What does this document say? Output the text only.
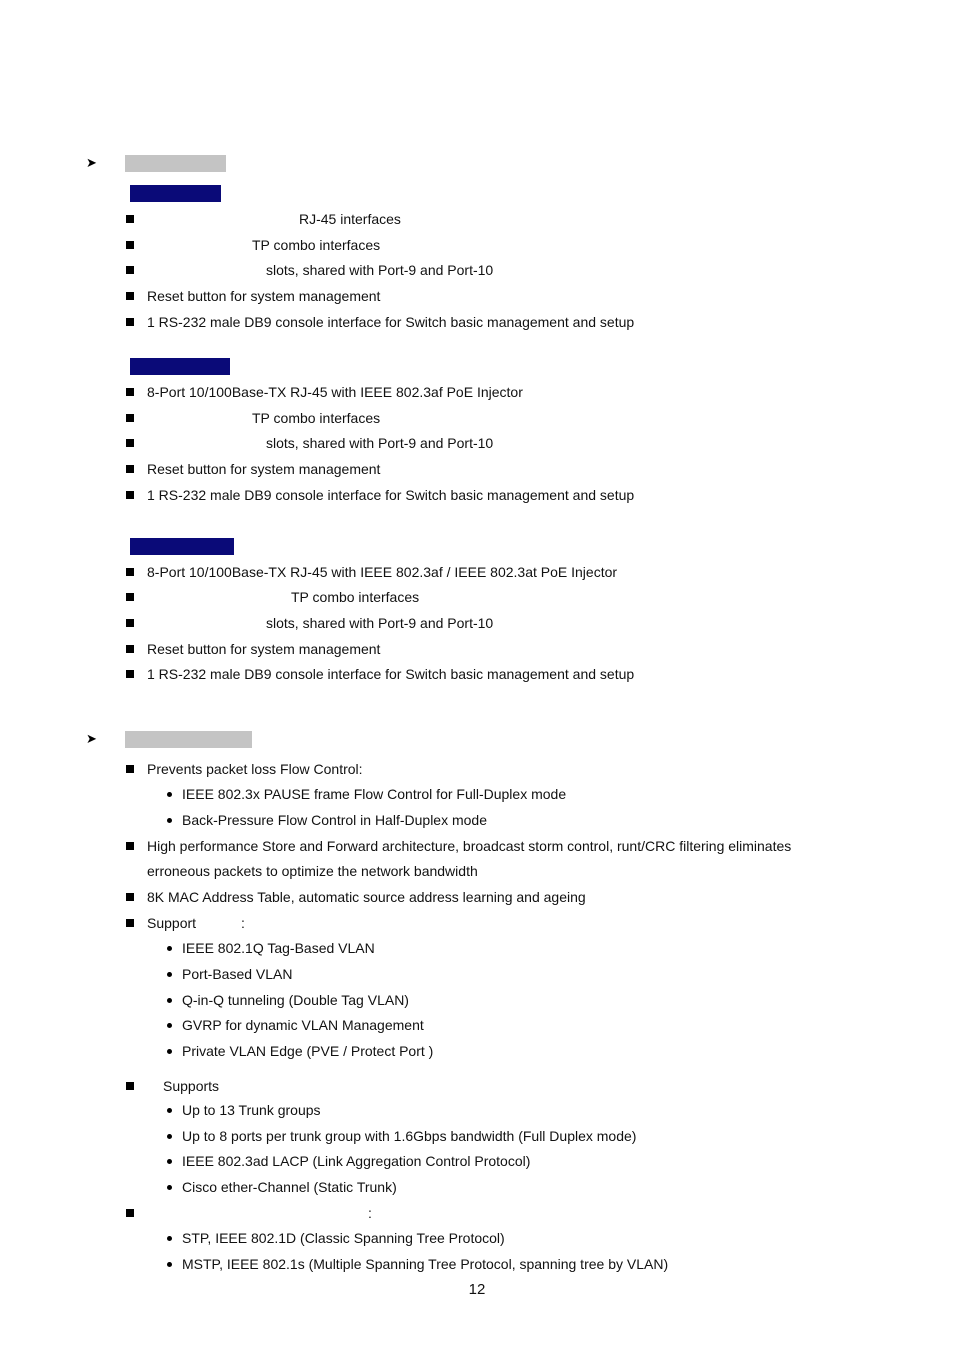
➤
RJ-45 interfaces
TP combo interfaces
slots, shared with Port-9 and Port-10
Reset button for system management
1 RS-232 male DB9 console interface for Switch basic management and setup
8-Port 10/100Base-TX RJ-45 with IEEE 802.3af PoE Injector
TP combo interfaces
slots, shared with Port-9 and Port-10
Reset button for system management
1 RS-232 male DB9 console interface for Switch basic management and setup
8-Port 10/100Base-TX RJ-45 with IEEE 802.3af / IEEE 802.3at PoE Injector
TP combo interfaces
slots, shared with Port-9 and Port-10
Reset button for system management
1 RS-232 male DB9 console interface for Switch basic management and setup
➤
Prevents packet loss Flow Control:
IEEE 802.3x PAUSE frame Flow Control for Full-Duplex mode
Back-Pressure Flow Control in Half-Duplex mode
High performance Store and Forward architecture, broadcast storm control, runt/CRC filtering eliminates
erroneous packets to optimize the network bandwidth
8K MAC Address Table, automatic source address learning and ageing
Support	:
IEEE 802.1Q Tag-Based VLAN
Port-Based VLAN
Q-in-Q tunneling (Double Tag VLAN)
GVRP for dynamic VLAN Management
Private VLAN Edge (PVE / Protect Port )
Supports
Up to 13 Trunk groups
Up to 8 ports per trunk group with 1.6Gbps bandwidth (Full Duplex mode)
IEEE 802.3ad LACP (Link Aggregation Control Protocol)
Cisco ether-Channel (Static Trunk)
:
STP, IEEE 802.1D (Classic Spanning Tree Protocol)
MSTP, IEEE 802.1s (Multiple Spanning Tree Protocol, spanning tree by VLAN)
12
